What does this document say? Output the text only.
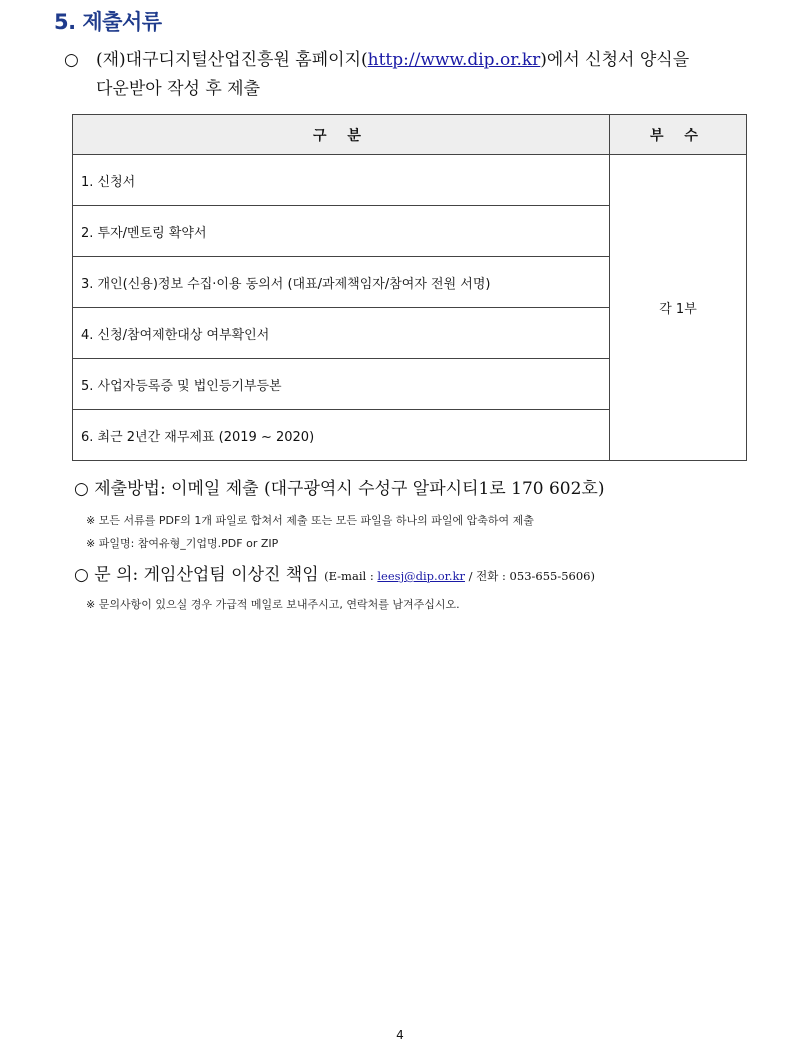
5. 제출서류
○ (재)대구디지털산업진흥원 홈페이지(http://www.dip.or.kr)에서 신청서 양식을
다운받아 작성 후 제출
구 분	부 수
1. 신청서	각 1부
2. 투자/멘토링 확약서	
3. 개인(신용)정보 수집·이용 동의서 (대표/과제책임자/참여자 전원 서명)	
4. 신청/참여제한대상 여부확인서	
5. 사업자등록증 및 법인등기부등본	
6. 최근 2년간 재무제표 (2019 ~ 2020)	
○ 제출방법: 이메일 제출 (대구광역시 수성구 알파시티1로 170 602호)
※ 모든 서류를 PDF의 1개 파일로 합쳐서 제출 또는 모든 파일을 하나의 파일에 압축하여 제출
※ 파일명: 참여유형_기업명.PDF or ZIP
○ 문 의: 게임산업팀 이상진 책임 (E-mail : leesj@dip.or.kr / 전화 : 053-655-5606)
※ 문의사항이 있으실 경우 가급적 메일로 보내주시고, 연락처를 남겨주십시오.
4
